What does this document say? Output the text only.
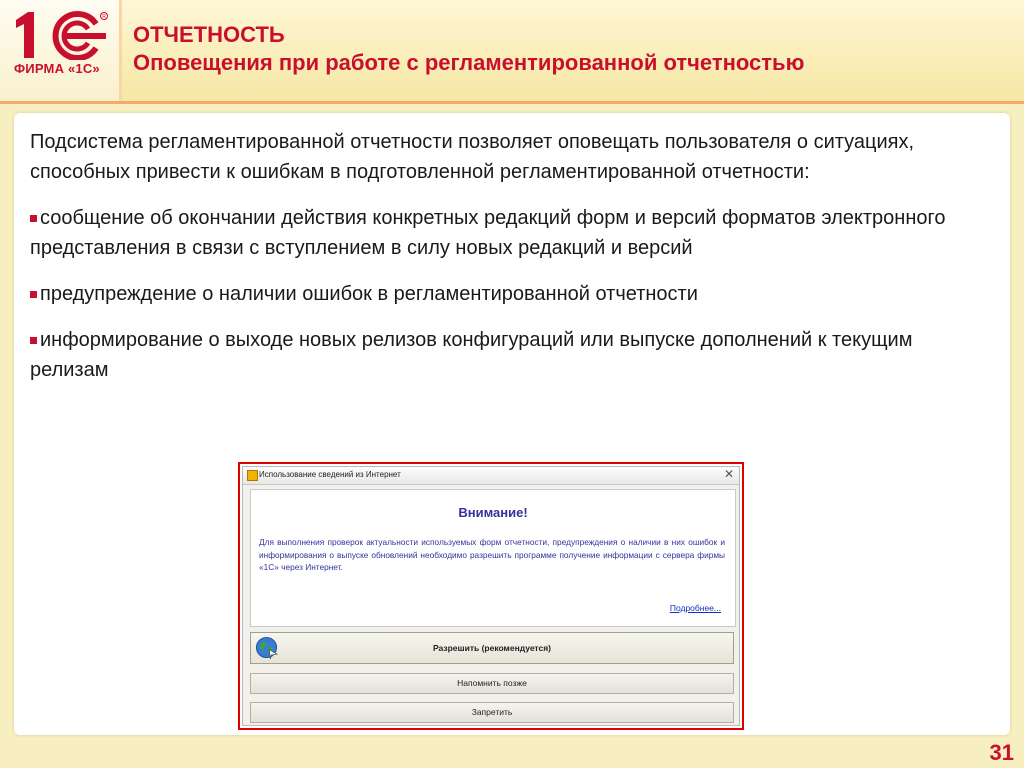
R
ФИРМА «1С»
ОТЧЕТНОСТЬ
Оповещения при работе с регламентированной отчетностью

Подсистема регламентированной отчетности позволяет оповещать пользователя о ситуациях, способных привести к ошибкам в подготовленной регламентированной отчетности:

сообщение об окончании действия конкретных редакций форм и версий форматов электронного представления в связи с вступлением в силу новых редакций и версий

предупреждение о наличии ошибок в регламентированной отчетности

информирование о выходе новых релизов конфигураций или выпуске дополнений к текущим релизам

Использование сведений из Интернет	✕
Внимание!
Для выполнения проверок актуальности используемых форм отчетности, предупреждения о наличии в них ошибок и информирования о выпуске обновлений необходимо разрешить программе получение информации с сервера фирмы «1С» через Интернет.
Подробнее...
Разрешить (рекомендуется)
Напомнить позже
Запретить
31
